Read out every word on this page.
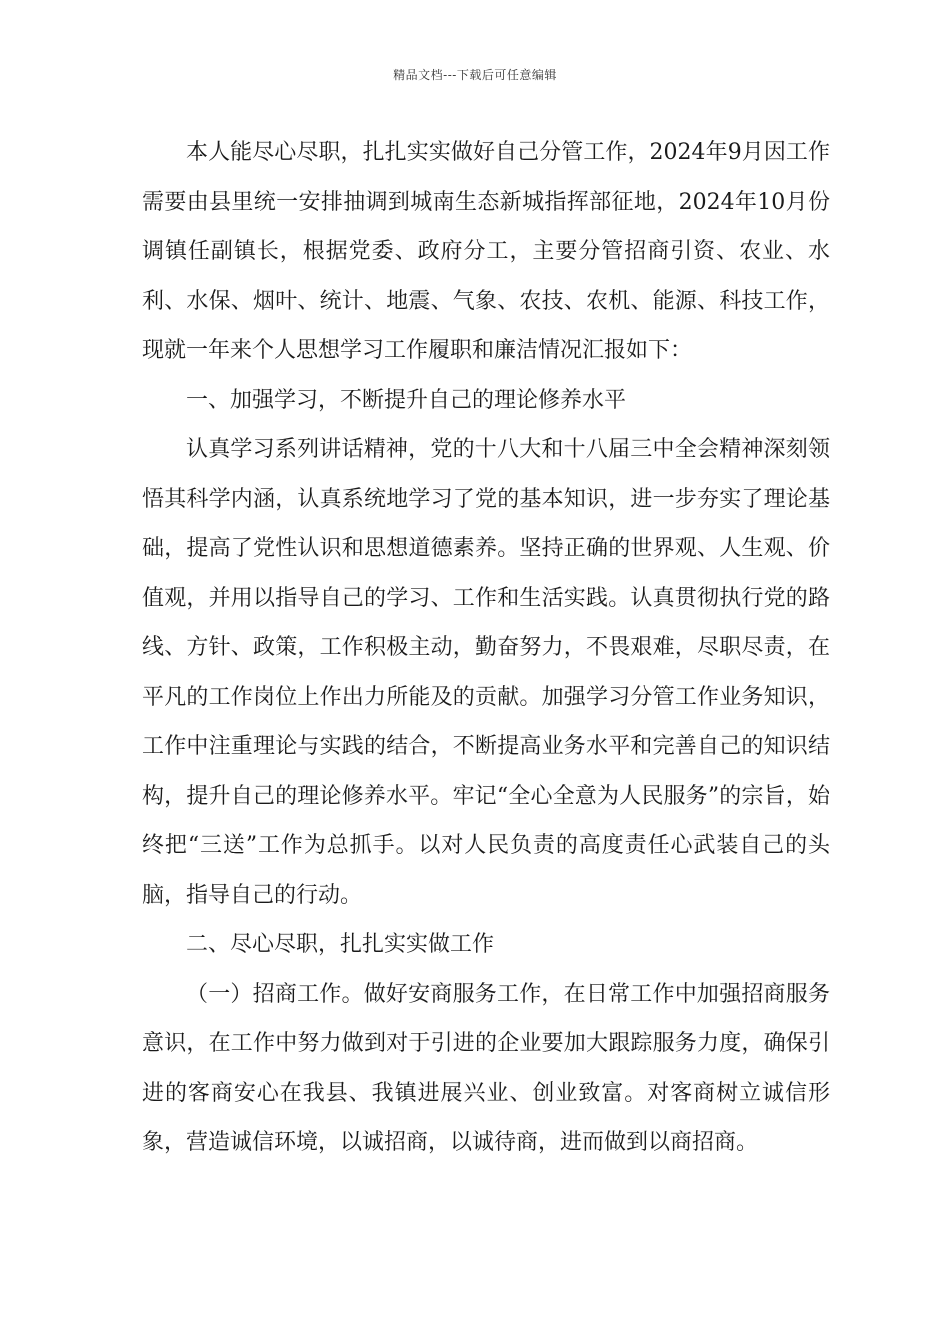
精品文档---下载后可任意编辑

本人能尽心尽职，扎扎实实做好自己分管工作，2024年9月因工作需要由县里统一安排抽调到城南生态新城指挥部征地，2024年10月份调镇任副镇长，根据党委、政府分工，主要分管招商引资、农业、水利、水保、烟叶、统计、地震、气象、农技、农机、能源、科技工作，现就一年来个人思想学习工作履职和廉洁情况汇报如下：

一、加强学习，不断提升自己的理论修养水平

认真学习系列讲话精神，党的十八大和十八届三中全会精神深刻领悟其科学内涵，认真系统地学习了党的基本知识，进一步夯实了理论基础，提高了党性认识和思想道德素养。坚持正确的世界观、人生观、价值观，并用以指导自己的学习、工作和生活实践。认真贯彻执行党的路线、方针、政策，工作积极主动，勤奋努力，不畏艰难，尽职尽责，在平凡的工作岗位上作出力所能及的贡献。加强学习分管工作业务知识，工作中注重理论与实践的结合，不断提高业务水平和完善自己的知识结构，提升自己的理论修养水平。牢记“全心全意为人民服务”的宗旨，始终把“三送”工作为总抓手。以对人民负责的高度责任心武装自己的头脑，指导自己的行动。

二、尽心尽职，扎扎实实做工作

（一）招商工作。做好安商服务工作，在日常工作中加强招商服务意识，在工作中努力做到对于引进的企业要加大跟踪服务力度，确保引进的客商安心在我县、我镇进展兴业、创业致富。对客商树立诚信形象，营造诚信环境，以诚招商，以诚待商，进而做到以商招商。
